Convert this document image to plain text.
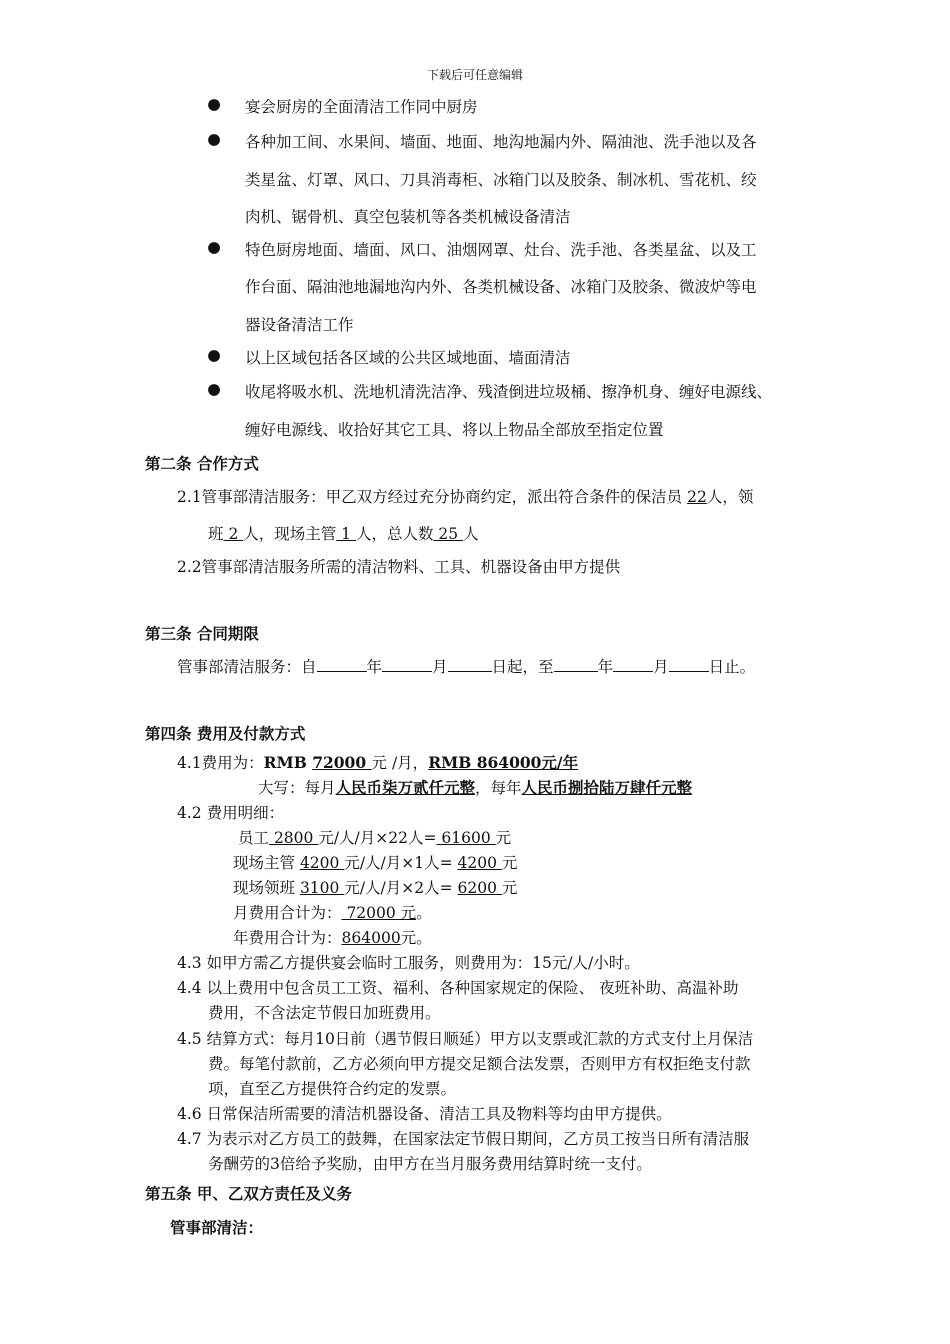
下载后可任意编辑
● 宴会厨房的全面清洁工作同中厨房
● 各种加工间、水果间、墙面、地面、地沟地漏内外、隔油池、洗手池以及各
类星盆、灯罩、风口、刀具消毒柜、冰箱门以及胶条、制冰机、雪花机、绞
肉机、锯骨机、真空包装机等各类机械设备清洁
● 特色厨房地面、墙面、风口、油烟网罩、灶台、洗手池、各类星盆、以及工
作台面、隔油池地漏地沟内外、各类机械设备、冰箱门及胶条、微波炉等电
器设备清洁工作
● 以上区域包括各区域的公共区域地面、墙面清洁
● 收尾将吸水机、洗地机清洗洁净、残渣倒进垃圾桶、擦净机身、缠好电源线、
缠好电源线、收拾好其它工具、将以上物品全部放至指定位置
第二条 合作方式
2.1管事部清洁服务：甲乙双方经过充分协商约定，派出符合条件的保洁员 22人，领
班 2 人，现场主管 1 人，总人数 25 人
2.2管事部清洁服务所需的清洁物料、工具、机器设备由甲方提供
第三条 合同期限
管事部清洁服务：自	年	月	日起，至	年	月	日止。
第四条 费用及付款方式
4.1费用为：RMB 72000 元 /月，RMB 864000元/年
大写：每月人民币柒万贰仟元整，每年人民币捌拾陆万肆仟元整
4.2 费用明细：
员工 2800 元/人/月×22人= 61600 元
现场主管 4200 元/人/月×1人= 4200 元
现场领班 3100 元/人/月×2人= 6200 元
月费用合计为： 72000 元。
年费用合计为：864000元。
4.3 如甲方需乙方提供宴会临时工服务，则费用为：15元/人/小时。
4.4 以上费用中包含员工工资、福利、各种国家规定的保险、 夜班补助、高温补助
费用，不含法定节假日加班费用。
4.5 结算方式：每月10日前（遇节假日顺延）甲方以支票或汇款的方式支付上月保洁
费。每笔付款前，乙方必须向甲方提交足额合法发票，否则甲方有权拒绝支付款
项，直至乙方提供符合约定的发票。
4.6 日常保洁所需要的清洁机器设备、清洁工具及物料等均由甲方提供。
4.7 为表示对乙方员工的鼓舞，在国家法定节假日期间，乙方员工按当日所有清洁服
务酬劳的3倍给予奖励，由甲方在当月服务费用结算时统一支付。
第五条 甲、乙双方责任及义务
管事部清洁：
